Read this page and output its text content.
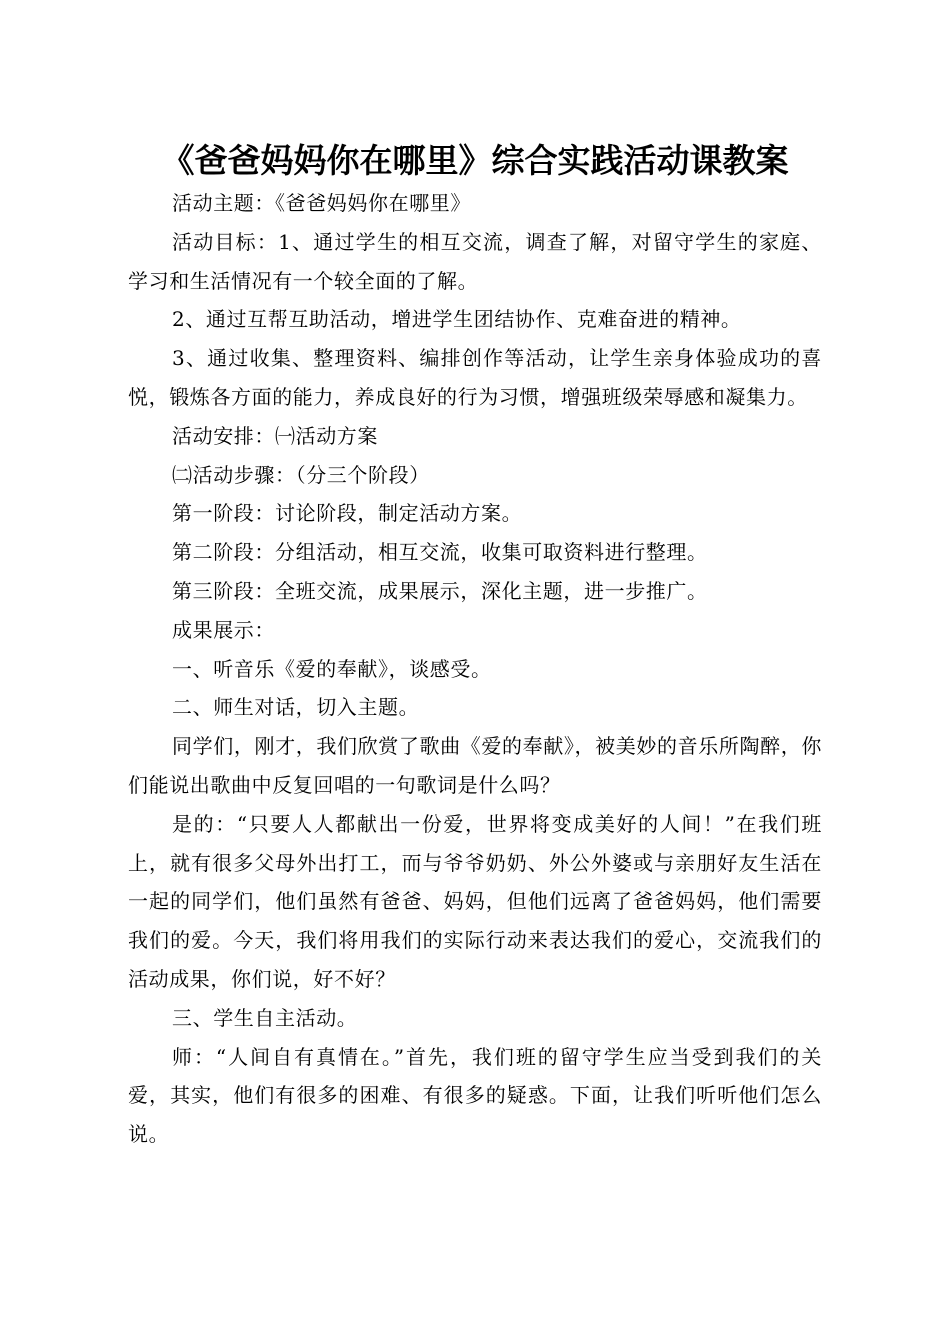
《爸爸妈妈你在哪里》综合实践活动课教案

活动主题：《爸爸妈妈你在哪里》

活动目标：1、通过学生的相互交流，调查了解，对留守学生的家庭、学习和生活情况有一个较全面的了解。

2、通过互帮互助活动，增进学生团结协作、克难奋进的精神。

3、通过收集、整理资料、编排创作等活动，让学生亲身体验成功的喜悦，锻炼各方面的能力，养成良好的行为习惯，增强班级荣辱感和凝集力。

活动安排：㈠活动方案

㈡活动步骤：（分三个阶段）

第一阶段：讨论阶段，制定活动方案。

第二阶段：分组活动，相互交流，收集可取资料进行整理。

第三阶段：全班交流，成果展示，深化主题，进一步推广。

成果展示：

一、听音乐《爱的奉献》，谈感受。

二、师生对话，切入主题。

同学们，刚才，我们欣赏了歌曲《爱的奉献》，被美妙的音乐所陶醉，你们能说出歌曲中反复回唱的一句歌词是什么吗？

是的：“只要人人都献出一份爱，世界将变成美好的人间！”在我们班上，就有很多父母外出打工，而与爷爷奶奶、外公外婆或与亲朋好友生活在一起的同学们，他们虽然有爸爸、妈妈，但他们远离了爸爸妈妈，他们需要我们的爱。今天，我们将用我们的实际行动来表达我们的爱心，交流我们的活动成果，你们说，好不好？

三、学生自主活动。

师：“人间自有真情在。”首先，我们班的留守学生应当受到我们的关爱，其实，他们有很多的困难、有很多的疑惑。下面，让我们听听他们怎么说。
